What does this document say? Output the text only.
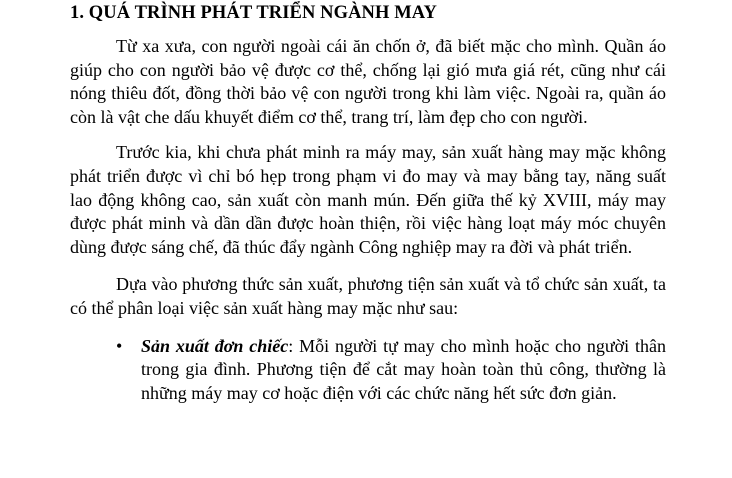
1. QUÁ TRÌNH PHÁT TRIỂN NGÀNH MAY

Từ xa xưa, con người ngoài cái ăn chốn ở, đã biết mặc cho mình. Quần áo giúp cho con người bảo vệ được cơ thể, chống lại gió mưa giá rét, cũng như cái nóng thiêu đốt, đồng thời bảo vệ con người trong khi làm việc. Ngoài ra, quần áo còn là vật che dấu khuyết điểm cơ thể, trang trí, làm đẹp cho con người.

Trước kia, khi chưa phát minh ra máy may, sản xuất hàng may mặc không phát triển được vì chỉ bó hẹp trong phạm vi đo may và may bằng tay, năng suất lao động không cao, sản xuất còn manh mún. Đến giữa thế kỷ XVIII, máy may được phát minh và dần dần được hoàn thiện, rồi việc hàng loạt máy móc chuyên dùng được sáng chế, đã thúc đẩy ngành Công nghiệp may ra đời và phát triển.

Dựa vào phương thức sản xuất, phương tiện sản xuất và tổ chức sản xuất, ta có thể phân loại việc sản xuất hàng may mặc như sau:

• Sản xuất đơn chiếc: Mỗi người tự may cho mình hoặc cho người thân trong gia đình. Phương tiện để cắt may hoàn toàn thủ công, thường là những máy may cơ hoặc điện với các chức năng hết sức đơn giản.
